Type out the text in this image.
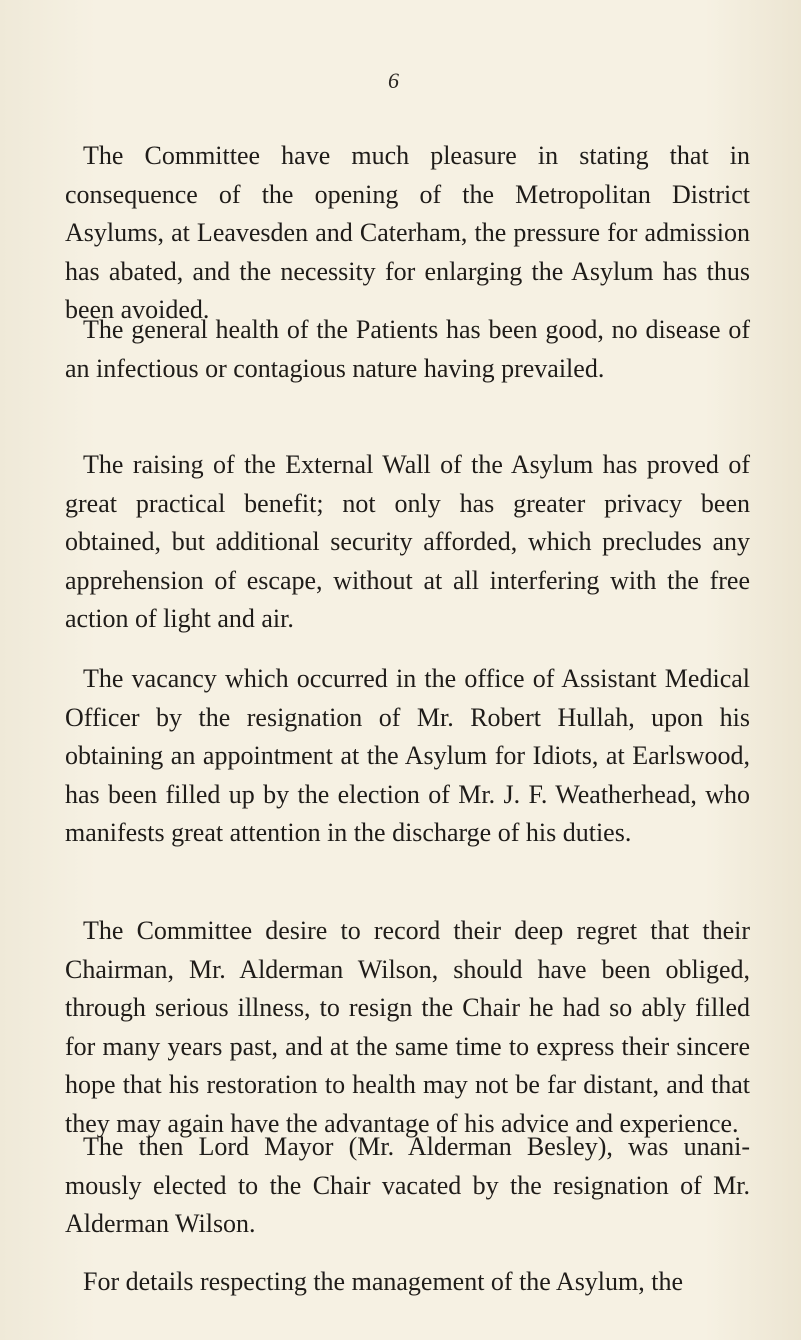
6

The Committee have much pleasure in stating that in consequence of the opening of the Metropolitan District Asylums, at Leavesden and Caterham, the pressure for admission has abated, and the necessity for enlarging the Asylum has thus been avoided.

The general health of the Patients has been good, no disease of an infectious or contagious nature having prevailed.

The raising of the External Wall of the Asylum has proved of great practical benefit; not only has greater privacy been obtained, but additional security afforded, which precludes any apprehension of escape, without at all interfering with the free action of light and air.

The vacancy which occurred in the office of Assistant Medical Officer by the resignation of Mr. Robert Hullah, upon his obtaining an appointment at the Asylum for Idiots, at Earlswood, has been filled up by the election of Mr. J. F. Weatherhead, who manifests great attention in the discharge of his duties.

The Committee desire to record their deep regret that their Chairman, Mr. Alderman Wilson, should have been obliged, through serious illness, to resign the Chair he had so ably filled for many years past, and at the same time to express their sincere hope that his restoration to health may not be far distant, and that they may again have the advantage of his advice and experience.

The then Lord Mayor (Mr. Alderman Besley), was unani- mously elected to the Chair vacated by the resignation of Mr. Alderman Wilson.

For details respecting the management of the Asylum, the
